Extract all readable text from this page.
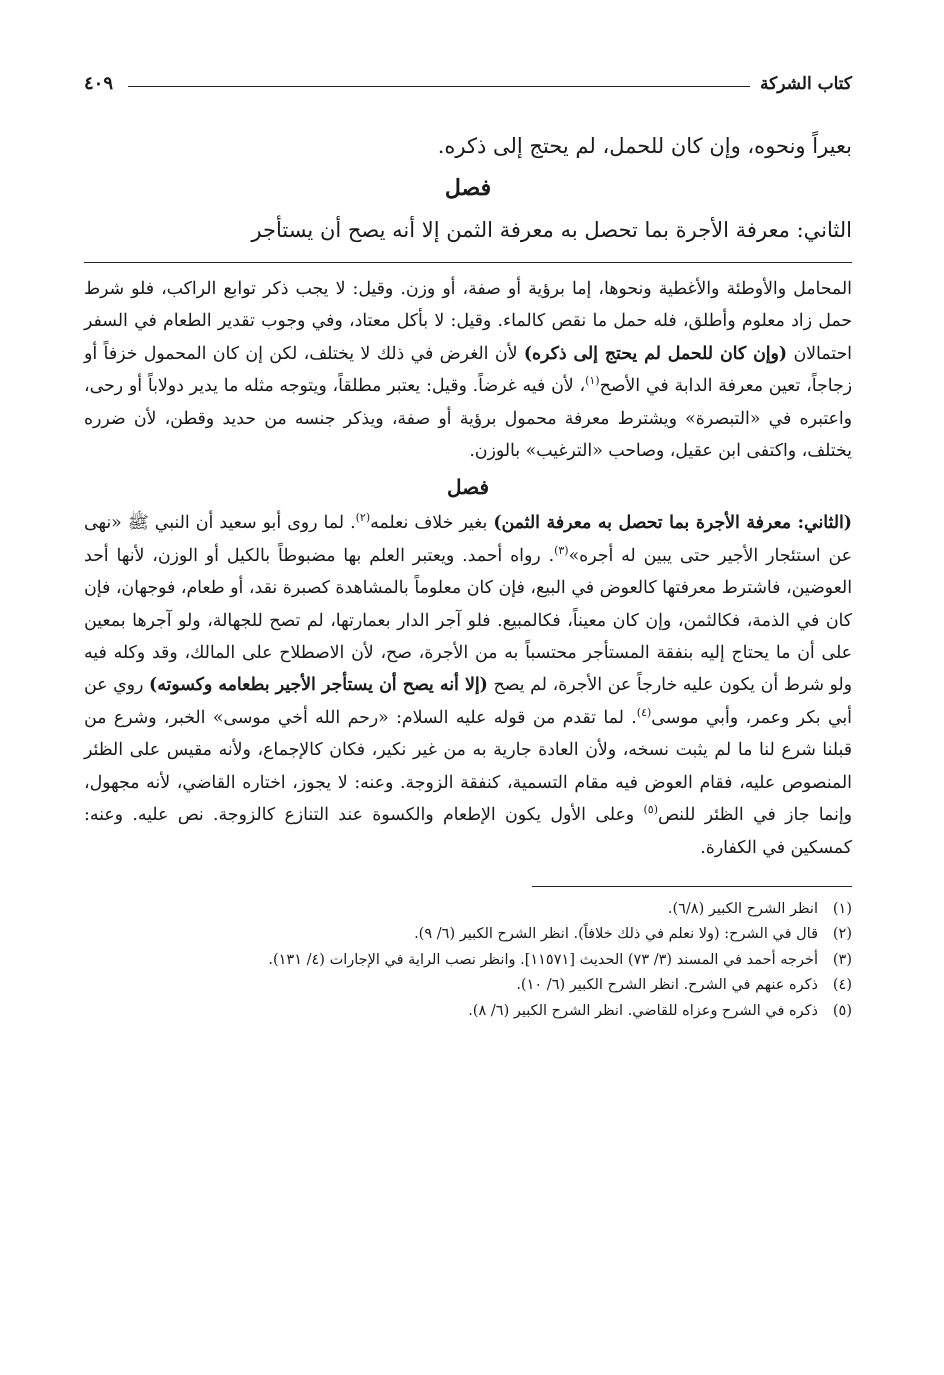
كتاب الشركة
٤٠٩

بعيراً ونحوه، وإن كان للحمل، لم يحتج إلى ذكره.

فصل

الثاني: معرفة الأجرة بما تحصل به معرفة الثمن إلا أنه يصح أن يستأجر

المحامل والأوطئة والأغطية ونحوها، إما برؤية أو صفة، أو وزن. وقيل: لا يجب ذكر توابع الراكب، فلو شرط حمل زاد معلوم وأطلق، فله حمل ما نقص كالماء. وقيل: لا بأكل معتاد، وفي وجوب تقدير الطعام في السفر احتمالان (وإن كان للحمل لم يحتج إلى ذكره) لأن الغرض في ذلك لا يختلف، لكن إن كان المحمول خزفاً أو زجاجاً، تعين معرفة الدابة في الأصح$^{(١)}$، لأن فيه غرضاً. وقيل: يعتبر مطلقاً، ويتوجه مثله ما يدير دولاباً أو رحى، واعتبره في «التبصرة» ويشترط معرفة محمول برؤية أو صفة، ويذكر جنسه من حديد وقطن، لأن ضرره يختلف، واكتفى ابن عقيل، وصاحب «الترغيب» بالوزن.

فصل

(الثاني: معرفة الأجرة بما تحصل به معرفة الثمن) بغير خلاف نعلمه$^{(٢)}$. لما روى أبو سعيد أن النبي ﷺ «نهى عن استئجار الأجير حتى يبين له أجره»$^{(٣)}$. رواه أحمد. ويعتبر العلم بها مضبوطاً بالكيل أو الوزن، لأنها أحد العوضين، فاشترط معرفتها كالعوض في البيع، فإن كان معلوماً بالمشاهدة كصبرة نقد، أو طعام، فوجهان، فإن كان في الذمة، فكالثمن، وإن كان معيناً، فكالمبيع. فلو آجر الدار بعمارتها، لم تصح للجهالة، ولو آجرها بمعين على أن ما يحتاج إليه بنفقة المستأجر محتسباً به من الأجرة، صح، لأن الاصطلاح على المالك، وقد وكله فيه ولو شرط أن يكون عليه خارجاً عن الأجرة، لم يصح (إلا أنه يصح أن يستأجر الأجير بطعامه وكسوته) روي عن أبي بكر وعمر، وأبي موسى$^{(٤)}$. لما تقدم من قوله عليه السلام: «رحم الله أخي موسى» الخبر، وشرع من قبلنا شرع لنا ما لم يثبت نسخه، ولأن العادة جارية به من غير نكير، فكان كالإجماع، ولأنه مقيس على الظئر المنصوص عليه، فقام العوض فيه مقام التسمية، كنفقة الزوجة. وعنه: لا يجوز، اختاره القاضي، لأنه مجهول، وإنما جاز في الظئر للنص$^{(٥)}$ وعلى الأول يكون الإطعام والكسوة عند التنازع كالزوجة. نص عليه. وعنه: كمسكين في الكفارة.

(١)
انظر الشرح الكبير (٦/٨).
(٢)
قال في الشرح: (ولا نعلم في ذلك خلافاً). انظر الشرح الكبير (٦/ ٩).
(٣)
أخرجه أحمد في المسند (٣/ ٧٣) الحديث [١١٥٧١]. وانظر نصب الراية في الإجارات (٤/ ١٣١).
(٤)
ذكره عنهم في الشرح. انظر الشرح الكبير (٦/ ١٠).
(٥)
ذكره في الشرح وعزاه للقاضي. انظر الشرح الكبير (٦/ ٨).
